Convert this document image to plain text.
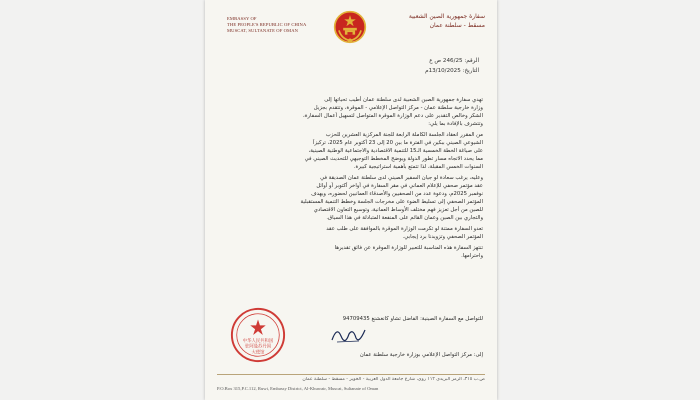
EMBASSY OF
THE PEOPLE'S REPUBLIC OF CHINA
MUSCAT, SULTANATE OF OMAN
سفارة جمهورية الصين الشعبية
مسقط - سلطنة عمان
الرقم: 246/25 ص ع
التاريخ: 13/10/2025م

تهدي سفارة جمهورية الصين الشعبية لدى سلطنة عمان أطيب تحياتها إلى
وزارة خارجية سلطنة عمان - مركز التواصل الإعلامي - الموقرة، وتتقدم بجزيل
الشكر وخالص التقدير على دعم الوزارة الموقرة المتواصل لتسهيل أعمال السفارة،
وتتشرف بالإفادة بما يلي:

من المقرر انعقاد الجلسة الكاملة الرابعة للجنة المركزية العشرين للحزب
الشيوعي الصيني ببكين في الفترة ما بين 20 إلى 23 أكتوبر عام 2025، تركيزاً
على صياغة الخطة الخمسية الـ15 للتنمية الاقتصادية والاجتماعية الوطنية الصينية،
مما يحدد الاتجاه مسار تطور الدولة ويوضح المخطط التوجيهي للتحديث الصيني في
السنوات الخمس المقبلة، لذا تتمتع بأهمية استراتيجية كبيرة.

وعليه، يرغب سعادة لو جيان السفير الصيني لدى سلطنة عمان الصديقة في
عقد مؤتمر صحفي للإعلام العماني في مقر السفارة في أواخر أكتوبر أو أوائل
نوفمبر 2025م، ودعوة عدد من الصحفيين والأصدقاء العمانيين لحضوره، ويهدف
المؤتمر الصحفي إلى تسليط الضوء على مخرجات الجلسة وخطط التنمية المستقبلية
للصين من أجل تعزيز فهم مختلف الأوساط العمانية، وتوسيع التعاون الاقتصادي
والتجاري بين الصين وعمان القائم على المنفعة المتبادلة في هذا السياق.

تعدو السفارة ممتنة لو تكرمت الوزارة الموقرة بالموافقة على طلب عقد
المؤتمر الصحفي وتزويدنا برد إيجابي.

تنتهز السفارة هذه المناسبة للتعبير للوزارة الموقرة عن فائق تقديرها
واحترامها.

للتواصل مع السفارة الصينية: الفاضل تشاو كانغشنغ 94709435
中华人民共和国
驻阿曼苏丹国
大使馆	إلى: مركز التواصل الإعلامي بوزارة خارجية سلطنة عمان
ص.ب ٣١٥، الرمز البريدي ١١٢ روي، شارع جامعة الدول العربية - الخوير - مسقط - سلطنة عمان
P.O.Box 315,P.C.112, Ruwi, Embassy District, Al-Khuwair, Muscat, Sultanate of Oman
